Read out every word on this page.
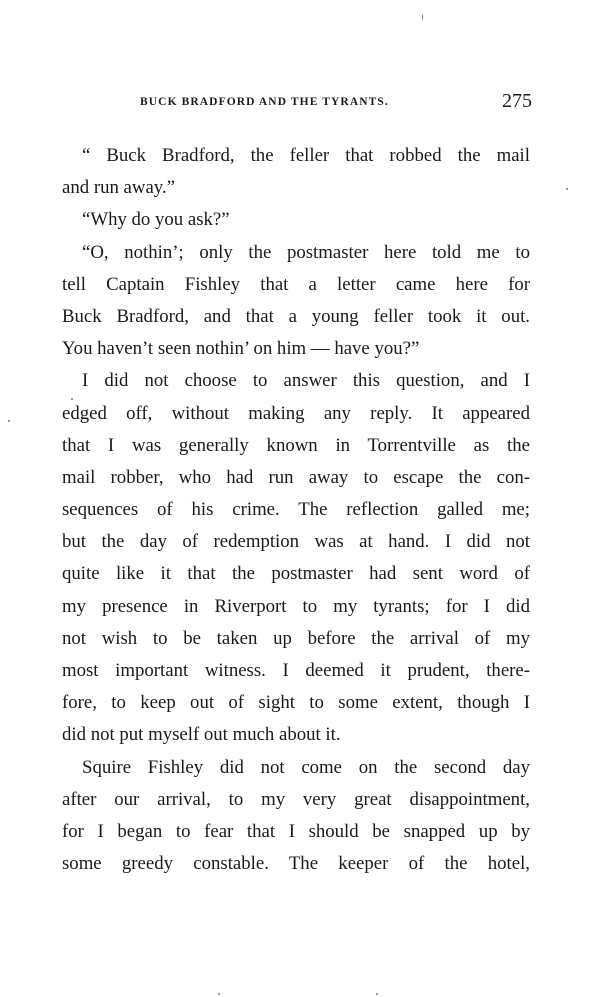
BUCK BRADFORD AND THE TYRANTS.	275
“ Buck Bradford, the feller that robbed the mail
and run away.”
“Why do you ask?”
“O, nothin’; only the postmaster here told me to
tell Captain Fishley that a letter came here for
Buck Bradford, and that a young feller took it out.
You haven’t seen nothin’ on him — have you?”
I did not choose to answer this question, and I
edged off, without making any reply. It appeared
that I was generally known in Torrentville as the
mail robber, who had run away to escape the con-
sequences of his crime. The reflection galled me;
but the day of redemption was at hand. I did not
quite like it that the postmaster had sent word of
my presence in Riverport to my tyrants; for I did
not wish to be taken up before the arrival of my
most important witness. I deemed it prudent, there-
fore, to keep out of sight to some extent, though I
did not put myself out much about it.
Squire Fishley did not come on the second day
after our arrival, to my very great disappointment,
for I began to fear that I should be snapped up by
some greedy constable. The keeper of the hotel,
